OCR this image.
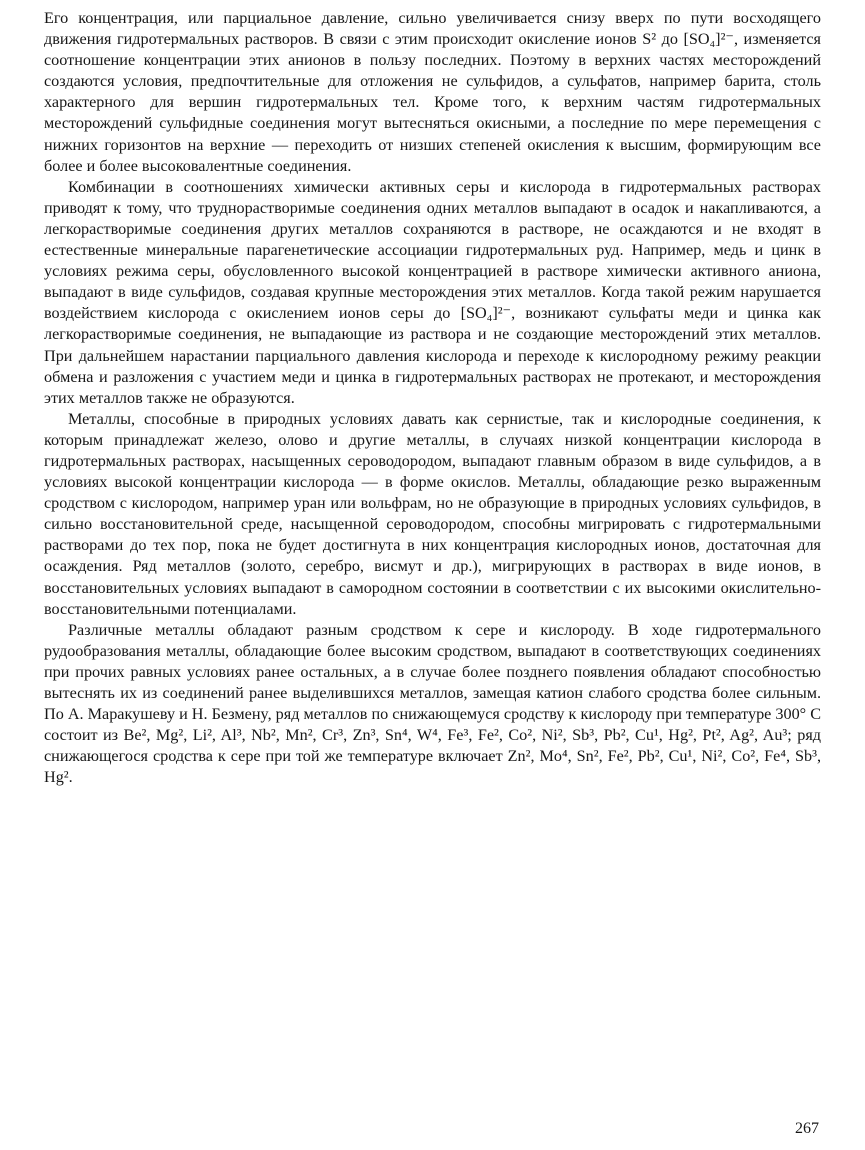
Его концентрация, или парциальное давление, сильно увеличивается снизу вверх по пути восходящего движения гидротермальных растворов. В связи с этим происходит окисление ионов S² до [SO₄]²⁻, изменяется соотношение концентрации этих анионов в пользу последних. Поэтому в верхних частях месторождений создаются условия, предпочтительные для отложения не сульфидов, а сульфатов, например барита, столь характерного для вершин гидротермальных тел. Кроме того, к верхним частям гидротермальных месторождений сульфидные соединения могут вытесняться окисными, а последние по мере перемещения с нижних горизонтов на верхние — переходить от низших степеней окисления к высшим, формирующим все более и более высоковалентные соединения.

Комбинации в соотношениях химически активных серы и кислорода в гидротермальных растворах приводят к тому, что труднорастворимые соединения одних металлов выпадают в осадок и накапливаются, а легкорастворимые соединения других металлов сохраняются в растворе, не осаждаются и не входят в естественные минеральные парагенетические ассоциации гидротермальных руд. Например, медь и цинк в условиях режима серы, обусловленного высокой концентрацией в растворе химически активного аниона, выпадают в виде сульфидов, создавая крупные месторождения этих металлов. Когда такой режим нарушается воздействием кислорода с окислением ионов серы до [SO₄]²⁻, возникают сульфаты меди и цинка как легкорастворимые соединения, не выпадающие из раствора и не создающие месторождений этих металлов. При дальнейшем нарастании парциального давления кислорода и переходе к кислородному режиму реакции обмена и разложения с участием меди и цинка в гидротермальных растворах не протекают, и месторождения этих металлов также не образуются.

Металлы, способные в природных условиях давать как сернистые, так и кислородные соединения, к которым принадлежат железо, олово и другие металлы, в случаях низкой концентрации кислорода в гидротермальных растворах, насыщенных сероводородом, выпадают главным образом в виде сульфидов, а в условиях высокой концентрации кислорода — в форме окислов. Металлы, обладающие резко выраженным сродством с кислородом, например уран или вольфрам, но не образующие в природных условиях сульфидов, в сильно восстановительной среде, насыщенной сероводородом, способны мигрировать с гидротермальными растворами до тех пор, пока не будет достигнута в них концентрация кислородных ионов, достаточная для осаждения. Ряд металлов (золото, серебро, висмут и др.), мигрирующих в растворах в виде ионов, в восстановительных условиях выпадают в самородном состоянии в соответствии с их высокими окислительно-восстановительными потенциалами.

Различные металлы обладают разным сродством к сере и кислороду. В ходе гидротермального рудообразования металлы, обладающие более высоким сродством, выпадают в соответствующих соединениях при прочих равных условиях ранее остальных, а в случае более позднего появления обладают способностью вытеснять их из соединений ранее выделившихся металлов, замещая катион слабого сродства более сильным. По А. Маракушеву и Н. Безменy, ряд металлов по снижающемуся сродству к кислороду при температуре 300° С состоит из Be², Mg², Li², Al³, Nb², Mn², Cr³, Zn³, Sn⁴, W⁴, Fe³, Fe², Co², Ni², Sb³, Pb², Cu¹, Hg², Pt², Ag², Au³; ряд снижающегося сродства к сере при той же температуре включает Zn², Mo⁴, Sn², Fe², Pb², Cu¹, Ni², Co², Fe⁴, Sb³, Hg².

267
